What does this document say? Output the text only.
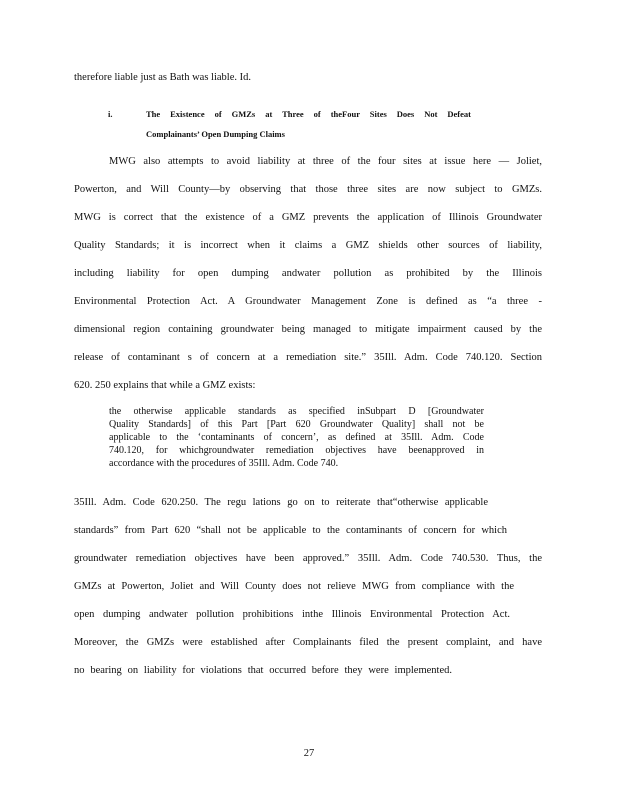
therefore liable just as Bath was liable. Id.
i.	The Existence of GMZs at Three of theFour Sites Does Not Defeat
Complainants’ Open Dumping Claims
MWG also attempts to avoid liability at three of the four sites at issue here — Joliet,
Powerton, and Will County—by observing that those three sites are now subject to GMZs.
MWG is correct that the existence of a GMZ prevents the application of Illinois Groundwater
Quality Standards; it is incorrect when it claims a GMZ shields other sources of liability,
including liability for open dumping andwater pollution as prohibited by the Illinois
Environmental Protection Act. A Groundwater Management Zone is defined as “a three -
dimensional region containing groundwater being managed to mitigate impairment caused by the
release of contaminant s of concern at a remediation site.” 35Ill. Adm. Code 740.120. Section
620. 250 explains that while a GMZ exists:
the otherwise applicable standards as specified inSubpart D [Groundwater
Quality Standards] of this Part [Part 620 Groundwater Quality] shall not be
applicable to the ‘contaminants of concern’, as defined at 35Ill. Adm. Code
740.120, for whichgroundwater remediation objectives have beenapproved in
accordance with the procedures of 35Ill. Adm. Code 740.
35Ill. Adm. Code 620.250. The regu lations go on to reiterate that“otherwise applicable
standards” from Part 620 “shall not be applicable to the contaminants of concern for which
groundwater remediation objectives have been approved.” 35Ill. Adm. Code 740.530. Thus, the
GMZs at Powerton, Joliet and Will County does not relieve MWG from compliance with the
open dumping andwater pollution prohibitions inthe Illinois Environmental Protection Act.
Moreover, the GMZs were established after Complainants filed the present complaint, and have
no bearing on liability for violations that occurred before they were implemented.
27
